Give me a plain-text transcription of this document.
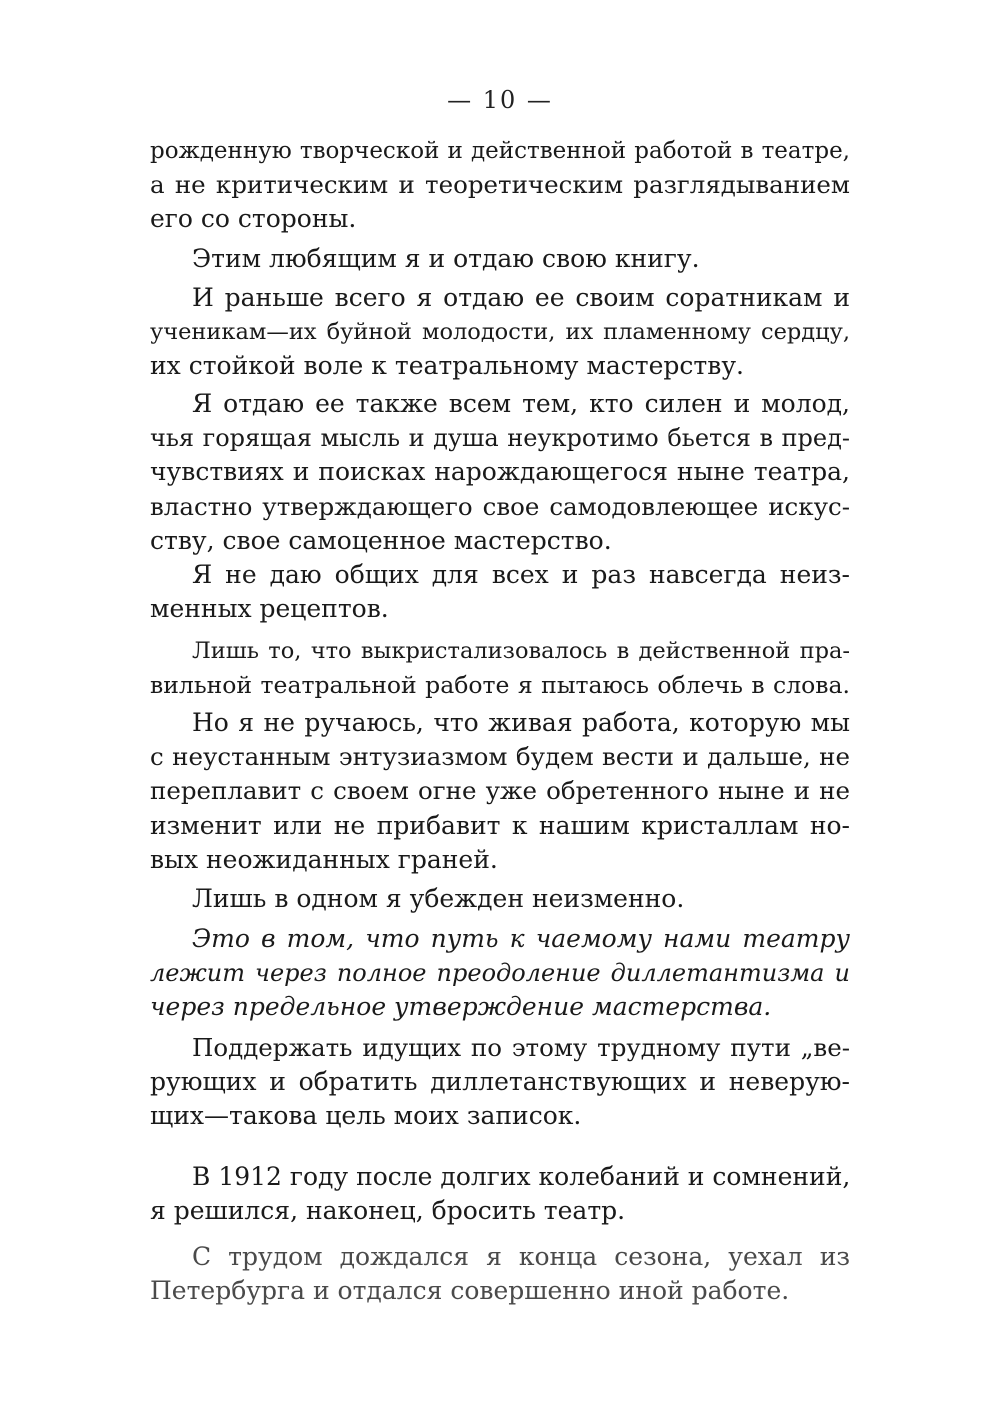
— 10 —
рожденную творческой и действенной работой в театре,
а не критическим и теоретическим разглядыванием
его со стороны.
Этим любящим я и отдаю свою книгу.
И раньше всего я отдаю ее своим соратникам и
ученикам—их буйной молодости, их пламенному сердцу,
их стойкой воле к театральному мастерству.
Я отдаю ее также всем тем, кто силен и молод,
чья горящая мысль и душа неукротимо бьется в пред-
чувствиях и поисках нарождающегося ныне театра,
властно утверждающего свое самодовлеющее искус-
ству, свое самоценное мастерство.
Я не даю общих для всех и раз навсегда неиз-
менных рецептов.
Лишь то, что выкристализовалось в действенной пра-
вильной театральной работе я пытаюсь облечь в слова.
Но я не ручаюсь, что живая работа, которую мы
с неустанным энтузиазмом будем вести и дальше, не
переплавит с своем огне уже обретенного ныне и не
изменит или не прибавит к нашим кристаллам но-
вых неожиданных граней.
Лишь в одном я убежден неизменно.
Это в том, что путь к чаемому нами театру
лежит через полное преодоление диллетантизма и
через предельное утверждение мастерства.
Поддержать идущих по этому трудному пути „ве-
рующих и обратить диллетанствующих и неверую-
щих—такова цель моих записок.
В 1912 году после долгих колебаний и сомнений,
я решился, наконец, бросить театр.
С трудом дождался я конца сезона, уехал из
Петербурга и отдался совершенно иной работе.
